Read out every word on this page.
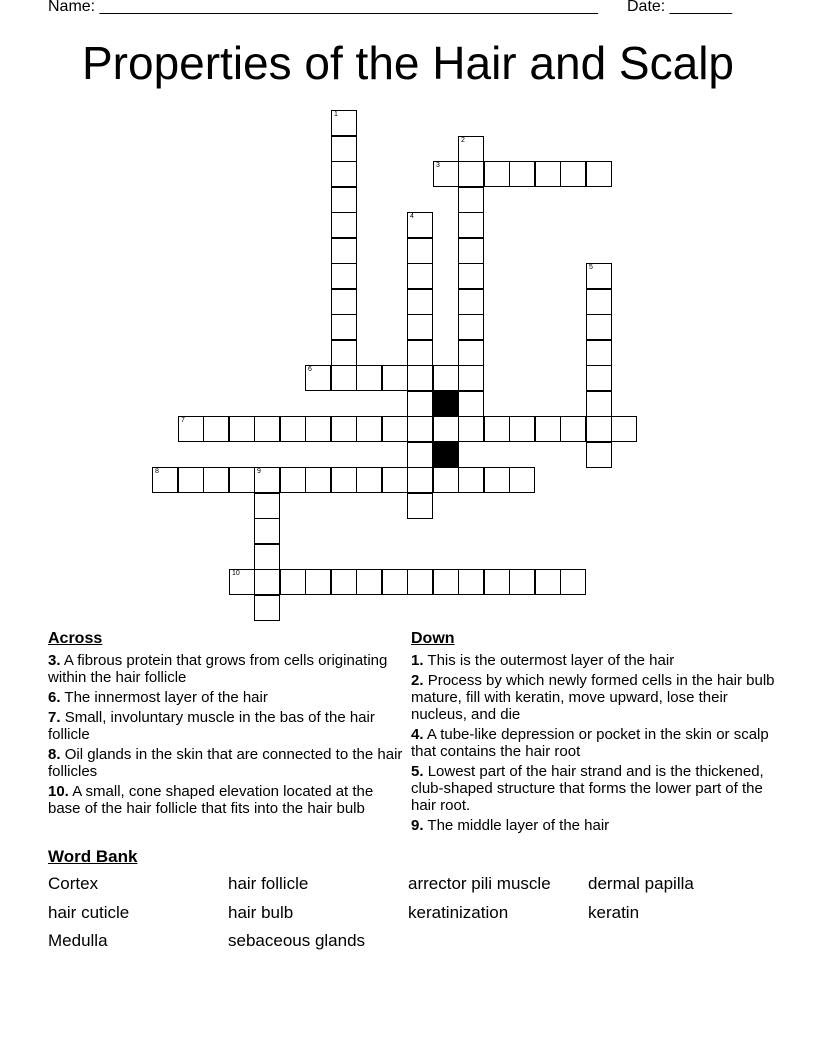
Name: ________________________________________________________ Date: _______
Properties of the Hair and Scalp
1
2
4
5
9
3
6
7
8
10
Across	Down
3. A fibrous protein that grows from cells originating within the hair follicle
6. The innermost layer of the hair
7. Small, involuntary muscle in the bas of the hair follicle
8. Oil glands in the skin that are connected to the hair follicles
10. A small, cone shaped elevation located at the base of the hair follicle that fits into the hair bulb
1. This is the outermost layer of the hair
2. Process by which newly formed cells in the hair bulb mature, fill with keratin, move upward, lose their nucleus, and die
4. A tube-like depression or pocket in the skin or scalp that contains the hair root
5. Lowest part of the hair strand and is the thickened, club-shaped structure that forms the lower part of the hair root.
9. The middle layer of the hair
Word Bank
Cortex	hair follicle	arrector pili muscle	dermal papilla
hair cuticle	hair bulb	keratinization	keratin
Medulla	sebaceous glands
